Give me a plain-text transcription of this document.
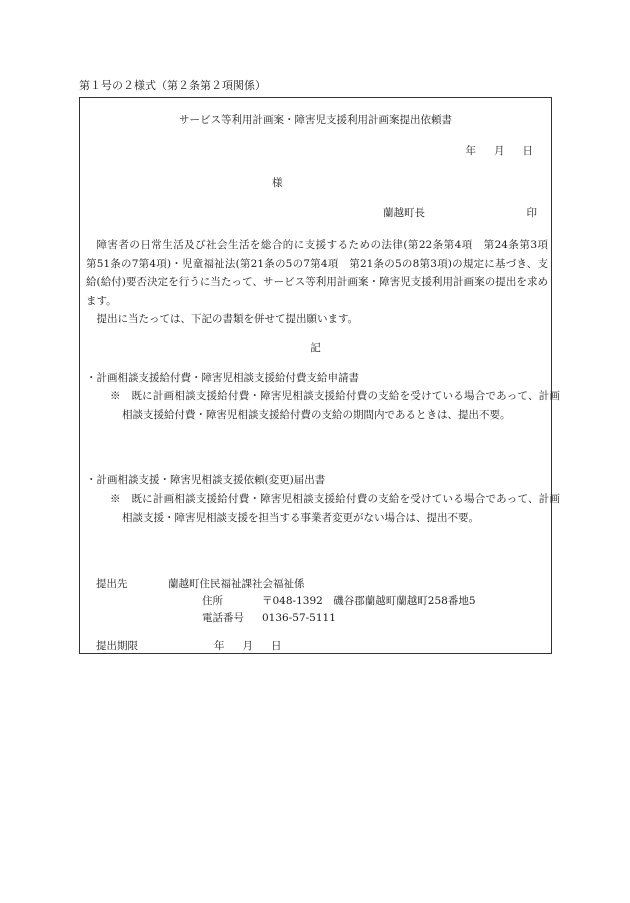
第１号の２様式（第２条第２項関係）
サービス等利用計画案・障害児支援利用計画案提出依頼書
年 月 日
様
蘭越町長	印

障害者の日常生活及び社会生活を総合的に支援するための法律(第22条第4項　第24条第3項　第51条の7第4項)・児童福祉法(第21条の5の7第4項　第21条の5の8第3項)の規定に基づき、支給(給付)要否決定を行うに当たって、サービス等利用計画案・障害児支援利用計画案の提出を求めます。

提出に当たっては、下記の書類を併せて提出願います。

記
・計画相談支援給付費・障害児相談支援給付費支給申請書

※　既に計画相談支援給付費・障害児相談支援給付費の支給を受けている場合であって、計画相談支援給付費・障害児相談支援給付費の支給の期間内であるときは、提出不要。

・計画相談支援・障害児相談支援依頼(変更)届出書

※　既に計画相談支援給付費・障害児相談支援給付費の支給を受けている場合であって、計画相談支援・障害児相談支援を担当する事業者変更がない場合は、提出不要。

提出先	蘭越町住民福祉課社会福祉係
住所	〒048-1392　磯谷郡蘭越町蘭越町258番地5
電話番号 0136-57-5111
提出期限	年 月 日
